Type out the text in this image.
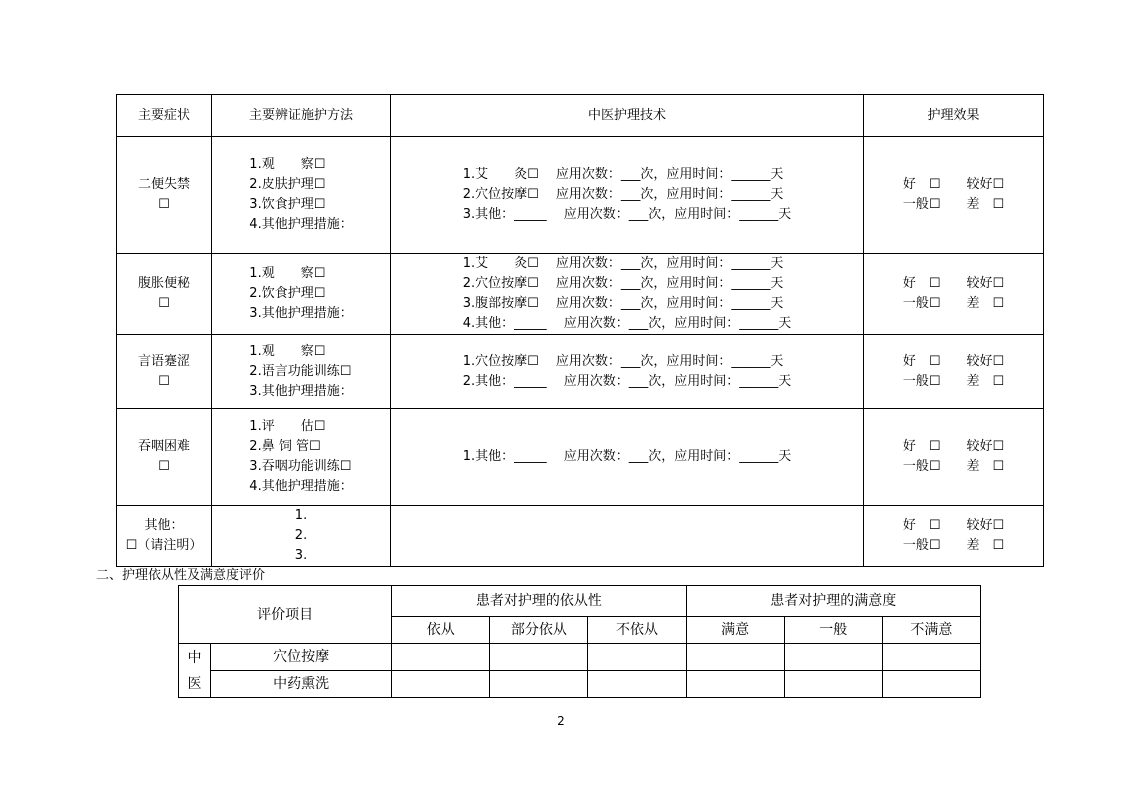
主要症状	主要辨证施护方法	中医护理技术	护理效果

二便失禁
☐	1.观　　察☐
2.皮肤护理☐
3.饮食护理☐
4.其他护理措施：	1.艾　　灸☐　 应用次数：___次，应用时间：______天
2.穴位按摩☐　 应用次数：___次，应用时间：______天
3.其他：_____　 应用次数：___次，应用时间：______天	好　☐　　较好☐
一般☐　　差　☐

腹胀便秘
☐	1.观　　察☐
2.饮食护理☐
3.其他护理措施：	1.艾　　灸☐　 应用次数：___次，应用时间：______天
2.穴位按摩☐　 应用次数：___次，应用时间：______天
3.腹部按摩☐　 应用次数：___次，应用时间：______天
4.其他：_____　 应用次数：___次，应用时间：______天	好　☐　　较好☐
一般☐　　差　☐

言语蹇涩
☐	1.观　　察☐
2.语言功能训练☐
3.其他护理措施：	1.穴位按摩☐　 应用次数：___次，应用时间：______天
2.其他：_____　 应用次数：___次，应用时间：______天	好　☐　　较好☐
一般☐　　差　☐

吞咽困难
☐	1.评　　估☐
2.鼻 饲 管☐
3.吞咽功能训练☐
4.其他护理措施：	1.其他：_____　 应用次数：___次，应用时间：______天	好　☐　　较好☐
一般☐　　差　☐

其他：
☐（请注明）	1.
2.
3.		好　☐　　较好☐
一般☐　　差　☐
二、护理依从性及满意度评价
评价项目		患者对护理的依从性			患者对护理的满意度		
		依从	部分依从	不依从	满意	一般	不满意

中
医	穴位按摩						
	中药熏洗						
2
